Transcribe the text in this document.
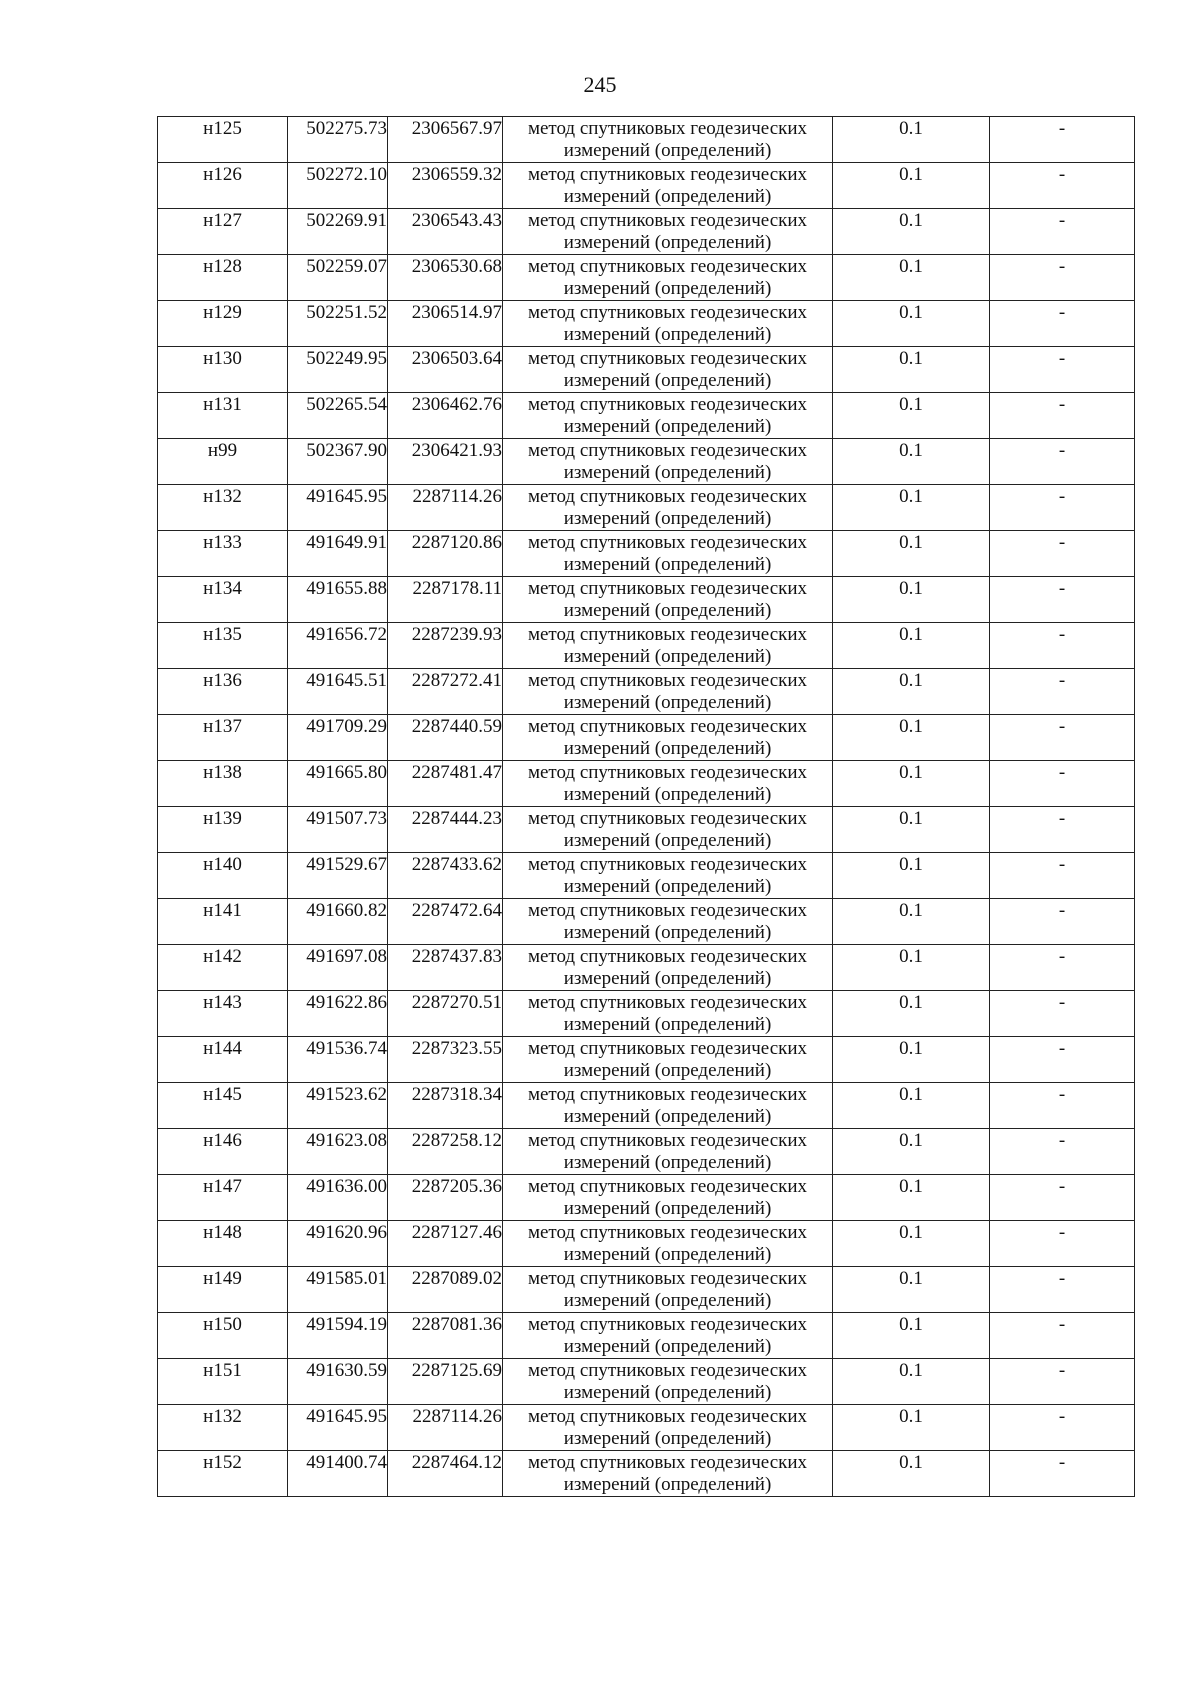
245
н125	502275.73	2306567.97	метод спутниковых геодезических измерений (определений)	0.1	-

н126	502272.10	2306559.32	метод спутниковых геодезических измерений (определений)	0.1	-

н127	502269.91	2306543.43	метод спутниковых геодезических измерений (определений)	0.1	-

н128	502259.07	2306530.68	метод спутниковых геодезических измерений (определений)	0.1	-

н129	502251.52	2306514.97	метод спутниковых геодезических измерений (определений)	0.1	-

н130	502249.95	2306503.64	метод спутниковых геодезических измерений (определений)	0.1	-

н131	502265.54	2306462.76	метод спутниковых геодезических измерений (определений)	0.1	-

н99	502367.90	2306421.93	метод спутниковых геодезических измерений (определений)	0.1	-

н132	491645.95	2287114.26	метод спутниковых геодезических измерений (определений)	0.1	-

н133	491649.91	2287120.86	метод спутниковых геодезических измерений (определений)	0.1	-

н134	491655.88	2287178.11	метод спутниковых геодезических измерений (определений)	0.1	-

н135	491656.72	2287239.93	метод спутниковых геодезических измерений (определений)	0.1	-

н136	491645.51	2287272.41	метод спутниковых геодезических измерений (определений)	0.1	-

н137	491709.29	2287440.59	метод спутниковых геодезических измерений (определений)	0.1	-

н138	491665.80	2287481.47	метод спутниковых геодезических измерений (определений)	0.1	-

н139	491507.73	2287444.23	метод спутниковых геодезических измерений (определений)	0.1	-

н140	491529.67	2287433.62	метод спутниковых геодезических измерений (определений)	0.1	-

н141	491660.82	2287472.64	метод спутниковых геодезических измерений (определений)	0.1	-

н142	491697.08	2287437.83	метод спутниковых геодезических измерений (определений)	0.1	-

н143	491622.86	2287270.51	метод спутниковых геодезических измерений (определений)	0.1	-

н144	491536.74	2287323.55	метод спутниковых геодезических измерений (определений)	0.1	-

н145	491523.62	2287318.34	метод спутниковых геодезических измерений (определений)	0.1	-

н146	491623.08	2287258.12	метод спутниковых геодезических измерений (определений)	0.1	-

н147	491636.00	2287205.36	метод спутниковых геодезических измерений (определений)	0.1	-

н148	491620.96	2287127.46	метод спутниковых геодезических измерений (определений)	0.1	-

н149	491585.01	2287089.02	метод спутниковых геодезических измерений (определений)	0.1	-

н150	491594.19	2287081.36	метод спутниковых геодезических измерений (определений)	0.1	-

н151	491630.59	2287125.69	метод спутниковых геодезических измерений (определений)	0.1	-

н132	491645.95	2287114.26	метод спутниковых геодезических измерений (определений)	0.1	-

н152	491400.74	2287464.12	метод спутниковых геодезических измерений (определений)	0.1	-
